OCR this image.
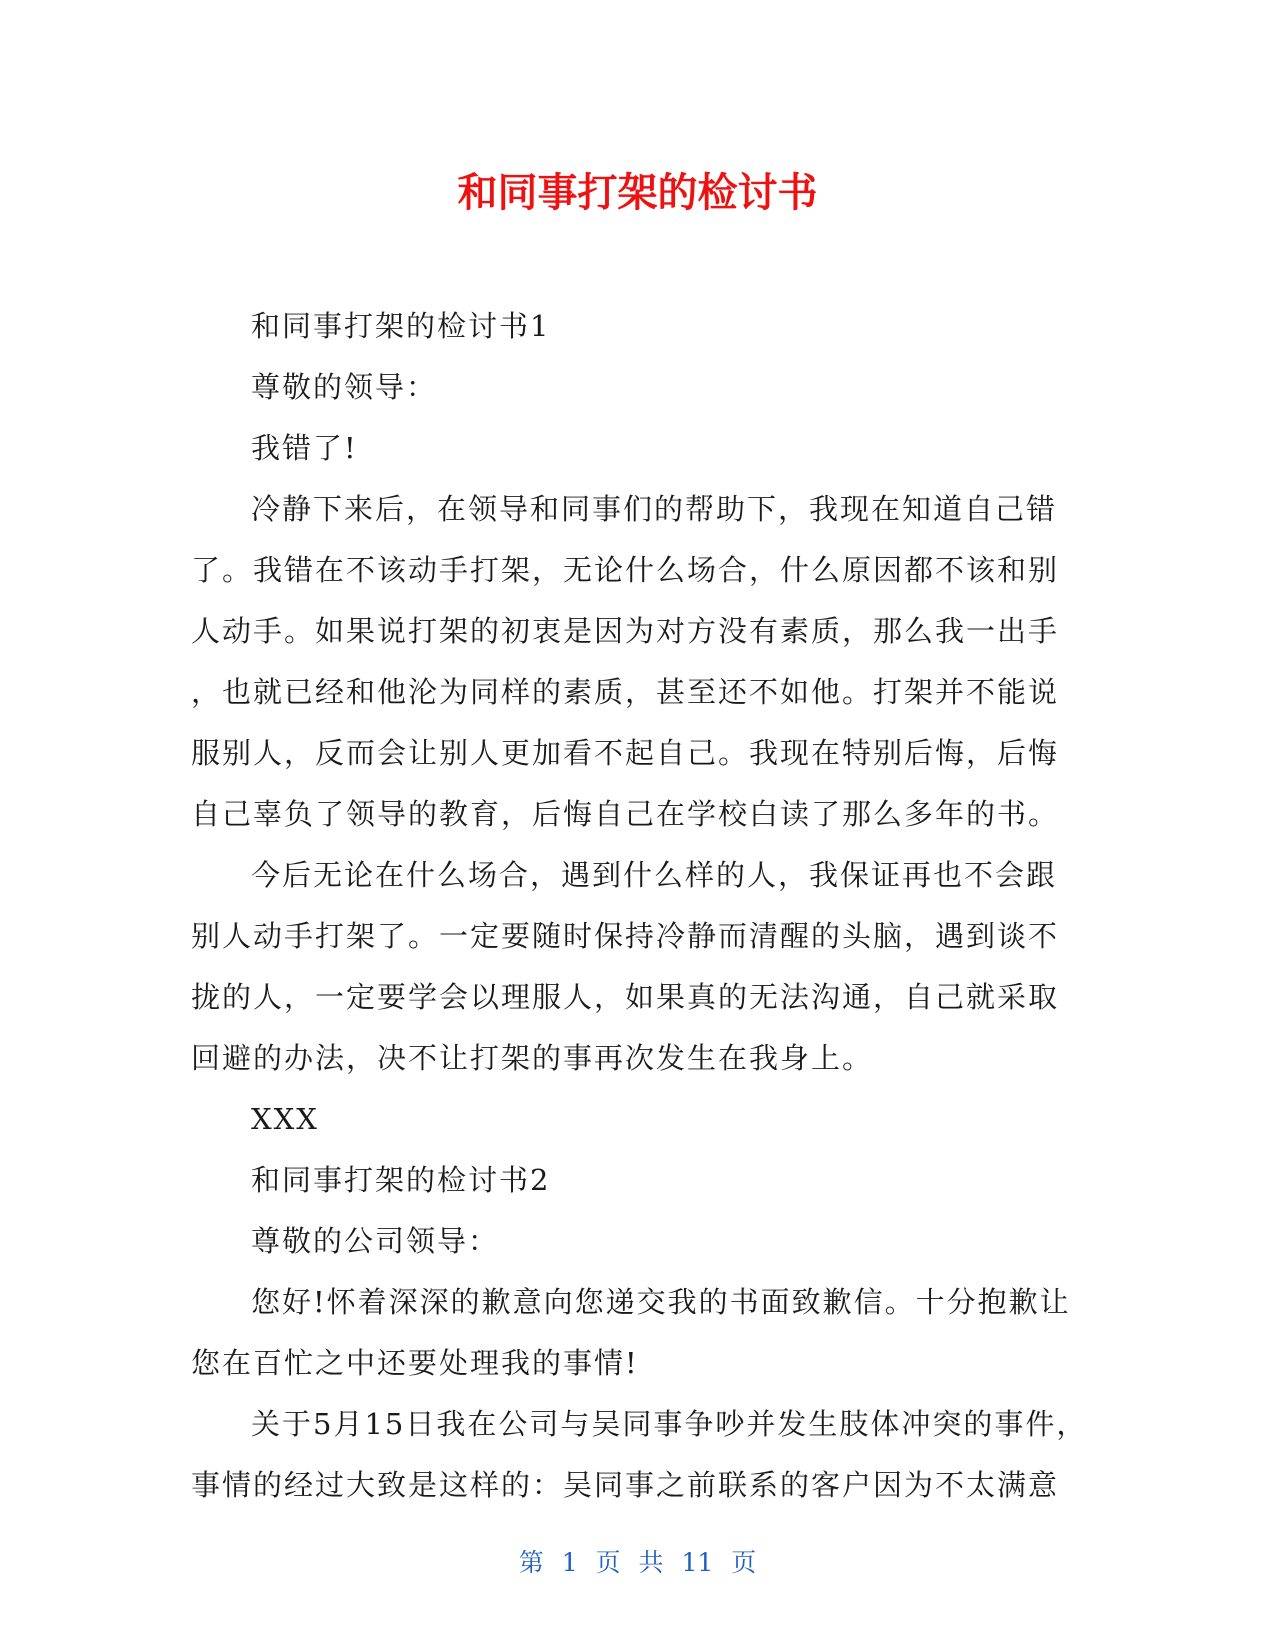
和同事打架的检讨书
和同事打架的检讨书1
尊敬的领导：
我错了!
冷静下来后，在领导和同事们的帮助下，我现在知道自己错
了。我错在不该动手打架，无论什么场合，什么原因都不该和别
人动手。如果说打架的初衷是因为对方没有素质，那么我一出手
，也就已经和他沦为同样的素质，甚至还不如他。打架并不能说
服别人，反而会让别人更加看不起自己。我现在特别后悔，后悔
自己辜负了领导的教育，后悔自己在学校白读了那么多年的书。
今后无论在什么场合，遇到什么样的人，我保证再也不会跟
别人动手打架了。一定要随时保持冷静而清醒的头脑，遇到谈不
拢的人，一定要学会以理服人，如果真的无法沟通，自己就采取
回避的办法，决不让打架的事再次发生在我身上。
XXX
和同事打架的检讨书2
尊敬的公司领导：
您好!怀着深深的歉意向您递交我的书面致歉信。十分抱歉让
您在百忙之中还要处理我的事情!
关于5月15日我在公司与吴同事争吵并发生肢体冲突的事件，
事情的经过大致是这样的：吴同事之前联系的客户因为不太满意
第 1 页 共 11 页
